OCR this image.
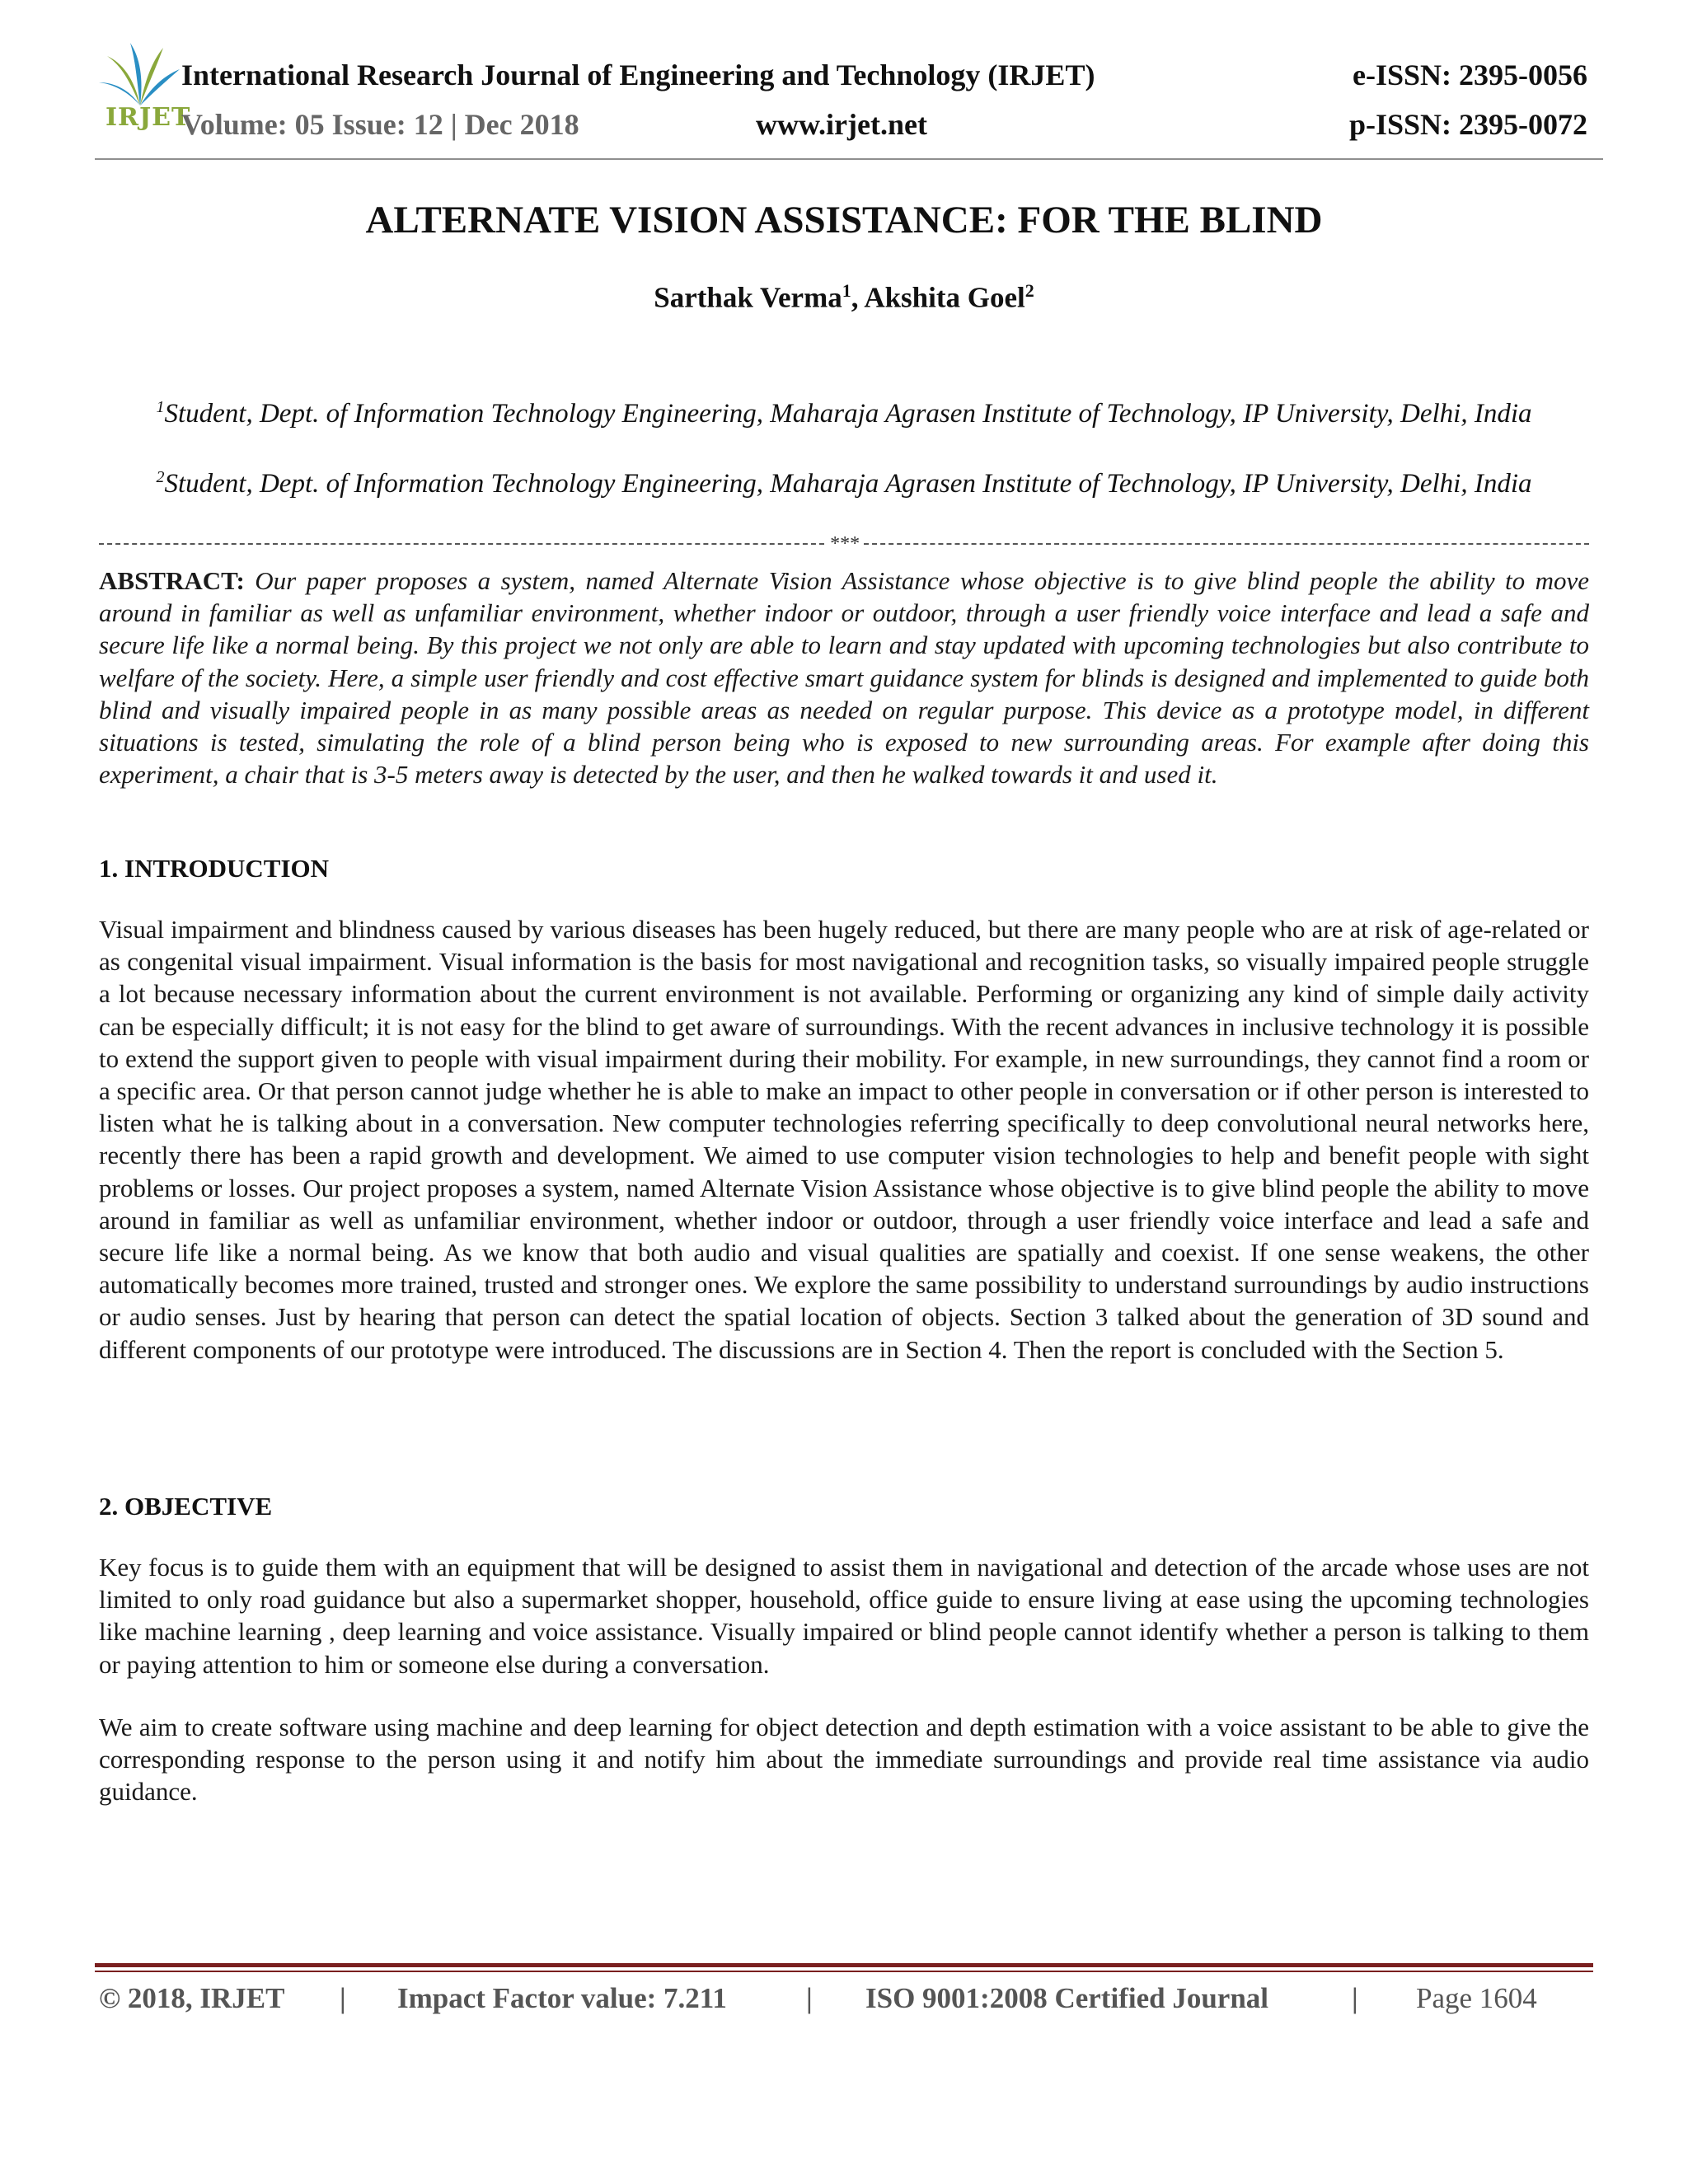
IRJET
International Research Journal of Engineering and Technology (IRJET)
Volume: 05 Issue: 12 | Dec 2018	www.irjet.net
e-ISSN: 2395-0056
p-ISSN: 2395-0072
ALTERNATE VISION ASSISTANCE: FOR THE BLIND
Sarthak Verma$^1$, Akshita Goel$^2$
$^1$Student, Dept. of Information Technology Engineering, Maharaja Agrasen Institute of Technology, IP University, Delhi, India
$^2$Student, Dept. of Information Technology Engineering, Maharaja Agrasen Institute of Technology, IP University, Delhi, India
***
ABSTRACT: Our paper proposes a system, named Alternate Vision Assistance whose objective is to give blind people the ability to move around in familiar as well as unfamiliar environment, whether indoor or outdoor, through a user friendly voice interface and lead a safe and secure life like a normal being. By this project we not only are able to learn and stay updated with upcoming technologies but also contribute to welfare of the society. Here, a simple user friendly and cost effective smart guidance system for blinds is designed and implemented to guide both blind and visually impaired people in as many possible areas as needed on regular purpose. This device as a prototype model, in different situations is tested, simulating the role of a blind person being who is exposed to new surrounding areas. For example after doing this experiment, a chair that is 3-5 meters away is detected by the user, and then he walked towards it and used it.
1. INTRODUCTION
Visual impairment and blindness caused by various diseases has been hugely reduced, but there are many people who are at risk of age-related or as congenital visual impairment. Visual information is the basis for most navigational and recognition tasks, so visually impaired people struggle a lot because necessary information about the current environment is not available. Performing or organizing any kind of simple daily activity can be especially difficult; it is not easy for the blind to get aware of surroundings. With the recent advances in inclusive technology it is possible to extend the support given to people with visual impairment during their mobility. For example, in new surroundings, they cannot find a room or a specific area. Or that person cannot judge whether he is able to make an impact to other people in conversation or if other person is interested to listen what he is talking about in a conversation. New computer technologies referring specifically to deep convolutional neural networks here, recently there has been a rapid growth and development. We aimed to use computer vision technologies to help and benefit people with sight problems or losses. Our project proposes a system, named Alternate Vision Assistance whose objective is to give blind people the ability to move around in familiar as well as unfamiliar environment, whether indoor or outdoor, through a user friendly voice interface and lead a safe and secure life like a normal being. As we know that both audio and visual qualities are spatially and coexist. If one sense weakens, the other automatically becomes more trained, trusted and stronger ones. We explore the same possibility to understand surroundings by audio instructions or audio senses. Just by hearing that person can detect the spatial location of objects. Section 3 talked about the generation of 3D sound and different components of our prototype were introduced. The discussions are in Section 4. Then the report is concluded with the Section 5.
2. OBJECTIVE
Key focus is to guide them with an equipment that will be designed to assist them in navigational and detection of the arcade whose uses are not limited to only road guidance but also a supermarket shopper, household, office guide to ensure living at ease using the upcoming technologies like machine learning , deep learning and voice assistance. Visually impaired or blind people cannot identify whether a person is talking to them or paying attention to him or someone else during a conversation.
We aim to create software using machine and deep learning for object detection and depth estimation with a voice assistant to be able to give the corresponding response to the person using it and notify him about the immediate surroundings and provide real time assistance via audio guidance.
© 2018, IRJET | Impact Factor value: 7.211	| ISO 9001:2008 Certified Journal	| Page 1604
